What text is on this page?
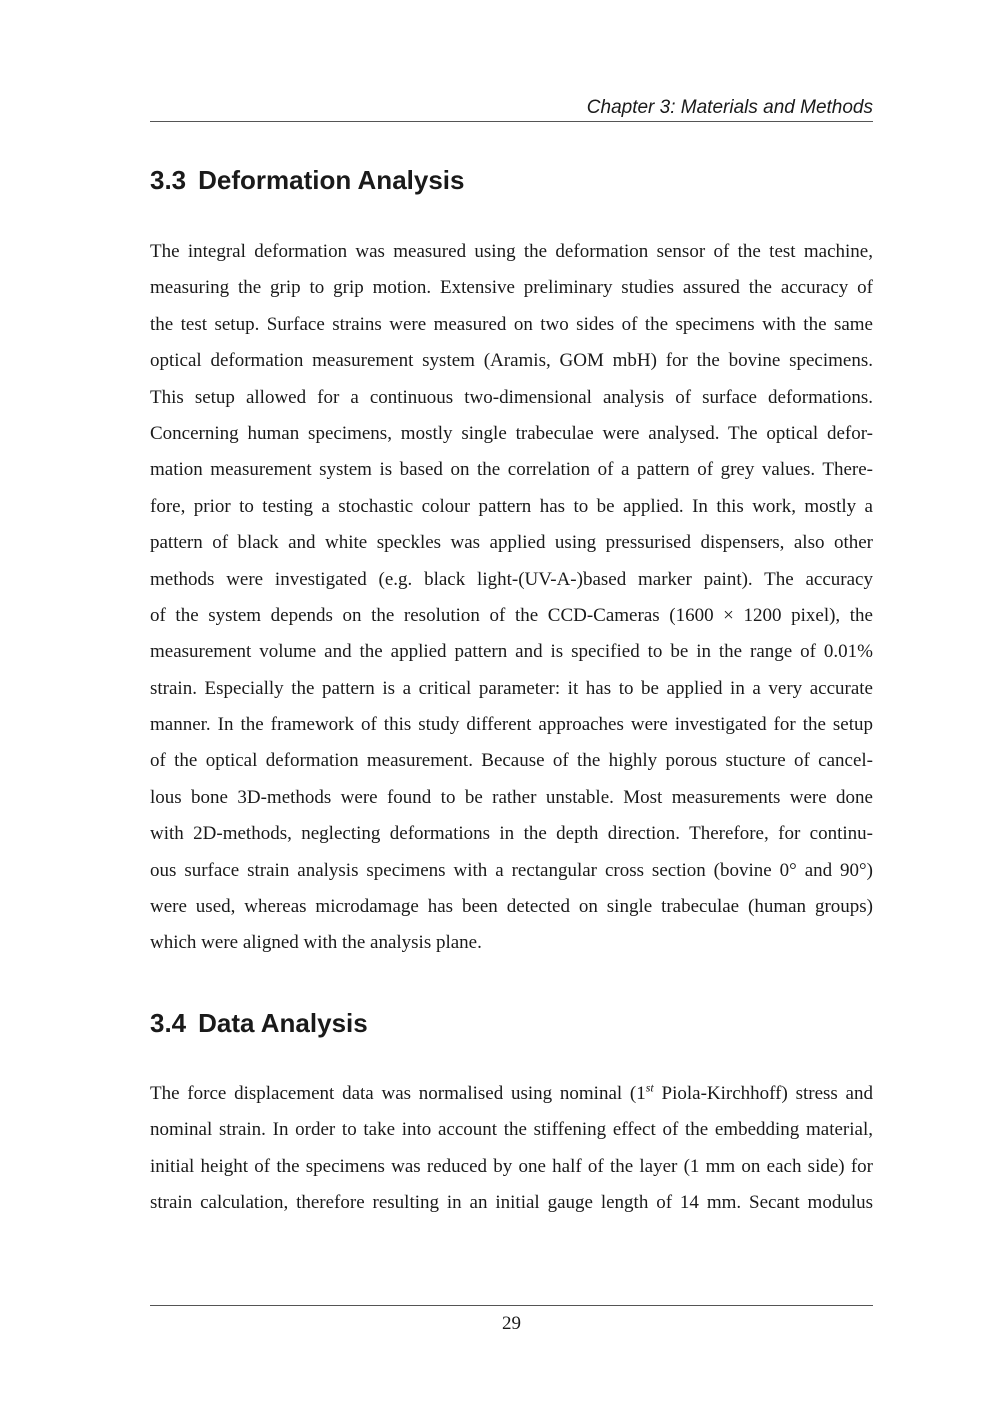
Chapter 3: Materials and Methods
3.3 Deformation Analysis

The integral deformation was measured using the deformation sensor of the test machine,
measuring the grip to grip motion. Extensive preliminary studies assured the accuracy of
the test setup. Surface strains were measured on two sides of the specimens with the same
optical deformation measurement system (Aramis, GOM mbH) for the bovine specimens.
This setup allowed for a continuous two-dimensional analysis of surface deformations.
Concerning human specimens, mostly single trabeculae were analysed. The optical defor-
mation measurement system is based on the correlation of a pattern of grey values. There-
fore, prior to testing a stochastic colour pattern has to be applied. In this work, mostly a
pattern of black and white speckles was applied using pressurised dispensers, also other
methods were investigated (e.g. black light-(UV-A-)based marker paint). The accuracy
of the system depends on the resolution of the CCD-Cameras (1600 × 1200 pixel), the
measurement volume and the applied pattern and is specified to be in the range of 0.01%
strain. Especially the pattern is a critical parameter: it has to be applied in a very accurate
manner. In the framework of this study different approaches were investigated for the setup
of the optical deformation measurement. Because of the highly porous stucture of cancel-
lous bone 3D-methods were found to be rather unstable. Most measurements were done
with 2D-methods, neglecting deformations in the depth direction. Therefore, for continu-
ous surface strain analysis specimens with a rectangular cross section (bovine 0° and 90°)
were used, whereas microdamage has been detected on single trabeculae (human groups)
which were aligned with the analysis plane.

3.4 Data Analysis

The force displacement data was normalised using nominal (1st Piola-Kirchhoff) stress and
nominal strain. In order to take into account the stiffening effect of the embedding material,
initial height of the specimens was reduced by one half of the layer (1 mm on each side) for
strain calculation, therefore resulting in an initial gauge length of 14 mm. Secant modulus

29
